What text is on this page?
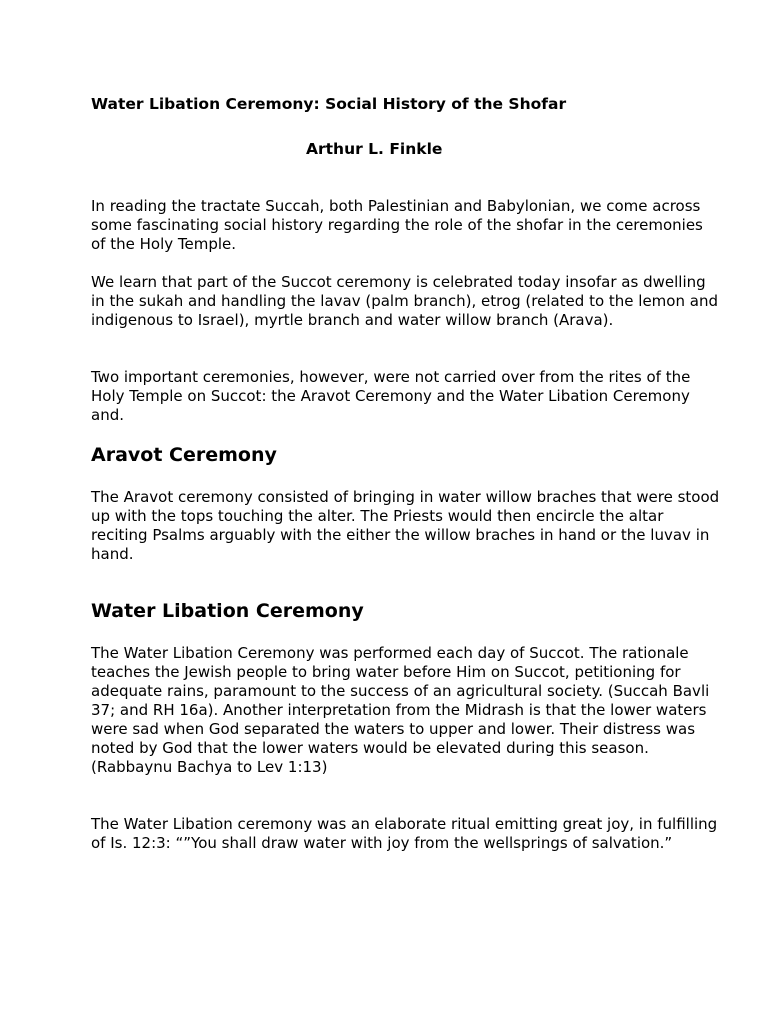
Water Libation Ceremony: Social History of the Shofar
Arthur L. Finkle

In reading the tractate Succah, both Palestinian and Babylonian, we come across some fascinating social history regarding the role of the shofar in the ceremonies of the Holy Temple.

We learn that part of the Succot ceremony is celebrated today insofar as dwelling in the sukah and handling the lavav (palm branch), etrog (related to the lemon and indigenous to Israel), myrtle branch and water willow branch (Arava).

Two important ceremonies, however, were not carried over from the rites of the Holy Temple on Succot: the Aravot Ceremony and the Water Libation Ceremony and.

Aravot Ceremony

The Aravot ceremony consisted of bringing in water willow braches that were stood up with the tops touching the alter. The Priests would then encircle the altar reciting Psalms arguably with the either the willow braches in hand or the luvav in hand.

Water Libation Ceremony

The Water Libation Ceremony was performed each day of Succot. The rationale teaches the Jewish people to bring water before Him on Succot, petitioning for adequate rains, paramount to the success of an agricultural society. (Succah Bavli 37; and RH 16a). Another interpretation from the Midrash is that the lower waters were sad when God separated the waters to upper and lower. Their distress was noted by God that the lower waters would be elevated during this season. (Rabbaynu Bachya to Lev 1:13)

The Water Libation ceremony was an elaborate ritual emitting great joy, in fulfilling of Is. 12:3: “”You shall draw water with joy from the wellsprings of salvation.”
